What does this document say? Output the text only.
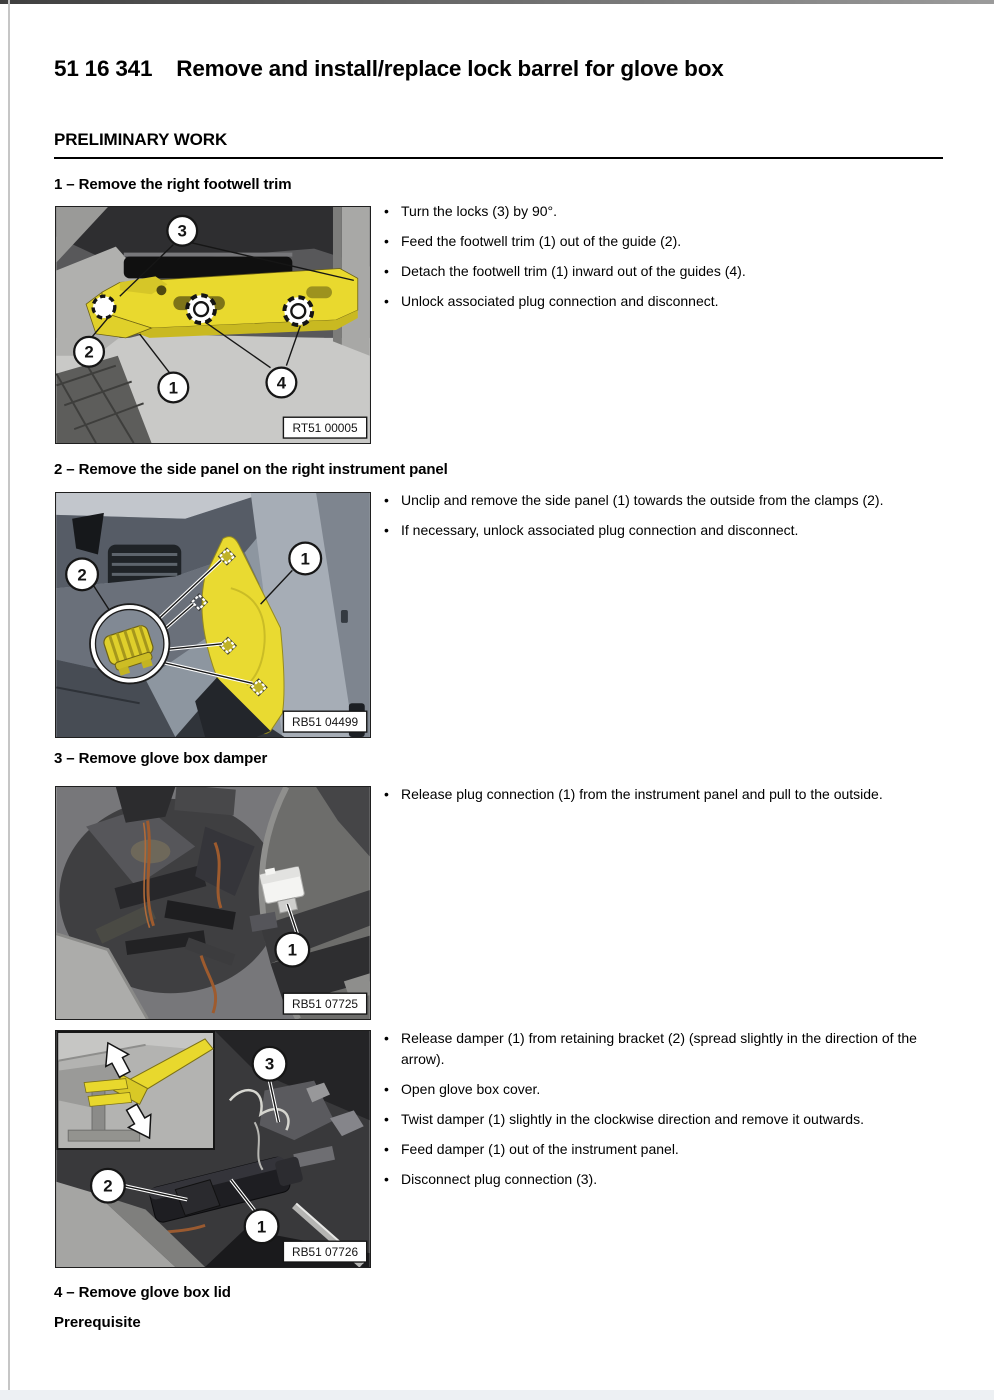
51 16 341 Remove and install/replace lock barrel for glove box
PRELIMINARY WORK
1 – Remove the right footwell trim
3
2
1	4
RT51 00005
• Turn the locks (3) by 90°.
• Feed the footwell trim (1) out of the guide (2).
• Detach the footwell trim (1) inward out of the guides (4).
• Unlock associated plug connection and disconnect.
2 – Remove the side panel on the right instrument panel
2
1
RB51 04499
• Unclip and remove the side panel (1) towards the outside from the clamps (2).
• If necessary, unlock associated plug connection and disconnect.
3 – Remove glove box damper
1
RB51 07725
• Release plug connection (1) from the instrument panel and pull to the outside.
3
2
1
RB51 07726
• Release damper (1) from retaining bracket (2) (spread slightly in the direction of the arrow).
• Open glove box cover.
• Twist damper (1) slightly in the clockwise direction and remove it outwards.
• Feed damper (1) out of the instrument panel.
• Disconnect plug connection (3).
4 – Remove glove box lid
Prerequisite
